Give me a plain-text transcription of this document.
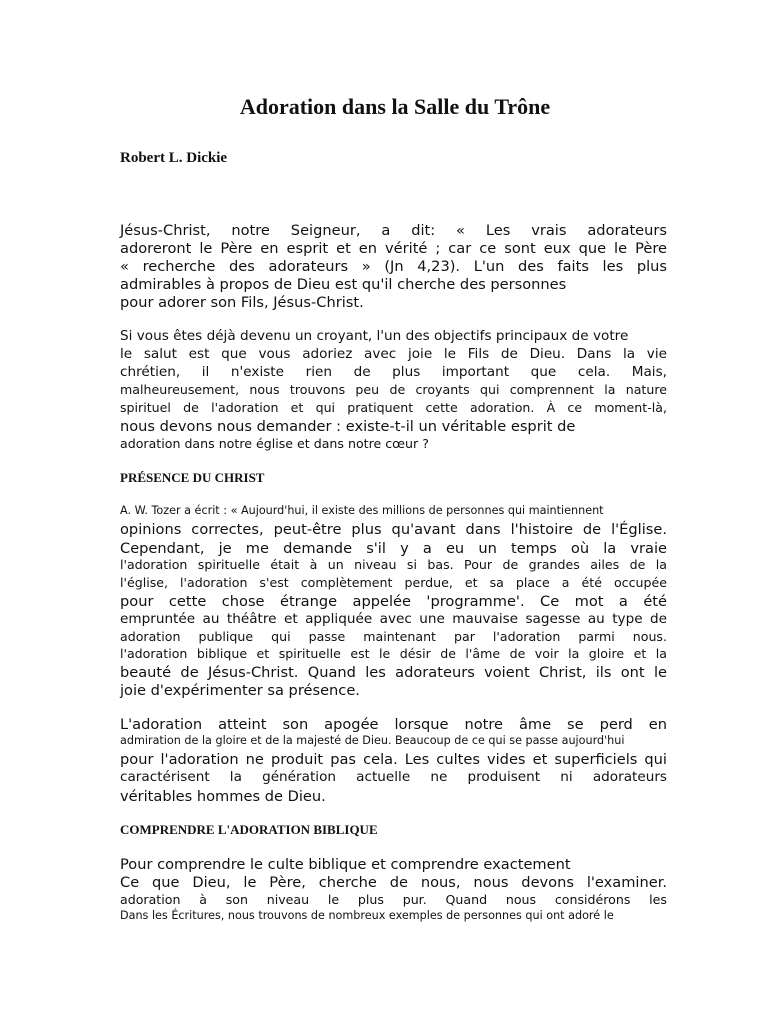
Adoration dans la Salle du Trône
Robert L. Dickie
Jésus-Christ, notre Seigneur, a dit: « Les vrais adorateurs
adoreront le Père en esprit et en vérité ; car ce sont eux que le Père
« recherche des adorateurs » (Jn 4,23). L'un des faits les plus
admirables à propos de Dieu est qu'il cherche des personnes
pour adorer son Fils, Jésus-Christ.
Si vous êtes déjà devenu un croyant, l'un des objectifs principaux de votre
le salut est que vous adoriez avec joie le Fils de Dieu. Dans la vie
chrétien, il n'existe rien de plus important que cela. Mais,
malheureusement, nous trouvons peu de croyants qui comprennent la nature
spirituel de l'adoration et qui pratiquent cette adoration. À ce moment-là,
nous devons nous demander : existe-t-il un véritable esprit de
adoration dans notre église et dans notre cœur ?
PRÉSENCE DU CHRIST
A. W. Tozer a écrit : « Aujourd'hui, il existe des millions de personnes qui maintiennent
opinions correctes, peut-être plus qu'avant dans l'histoire de l'Église.
Cependant, je me demande s'il y a eu un temps où la vraie
l'adoration spirituelle était à un niveau si bas. Pour de grandes ailes de la
l'église, l'adoration s'est complètement perdue, et sa place a été occupée
pour cette chose étrange appelée 'programme'. Ce mot a été
empruntée au théâtre et appliquée avec une mauvaise sagesse au type de
adoration publique qui passe maintenant par l'adoration parmi nous.
l'adoration biblique et spirituelle est le désir de l'âme de voir la gloire et la
beauté de Jésus-Christ. Quand les adorateurs voient Christ, ils ont le
joie d'expérimenter sa présence.
L'adoration atteint son apogée lorsque notre âme se perd en
admiration de la gloire et de la majesté de Dieu. Beaucoup de ce qui se passe aujourd'hui
pour l'adoration ne produit pas cela. Les cultes vides et superficiels qui
caractérisent la génération actuelle ne produisent ni adorateurs
véritables hommes de Dieu.
COMPRENDRE L'ADORATION BIBLIQUE
Pour comprendre le culte biblique et comprendre exactement
Ce que Dieu, le Père, cherche de nous, nous devons l'examiner.
adoration à son niveau le plus pur. Quand nous considérons les
Dans les Écritures, nous trouvons de nombreux exemples de personnes qui ont adoré le
